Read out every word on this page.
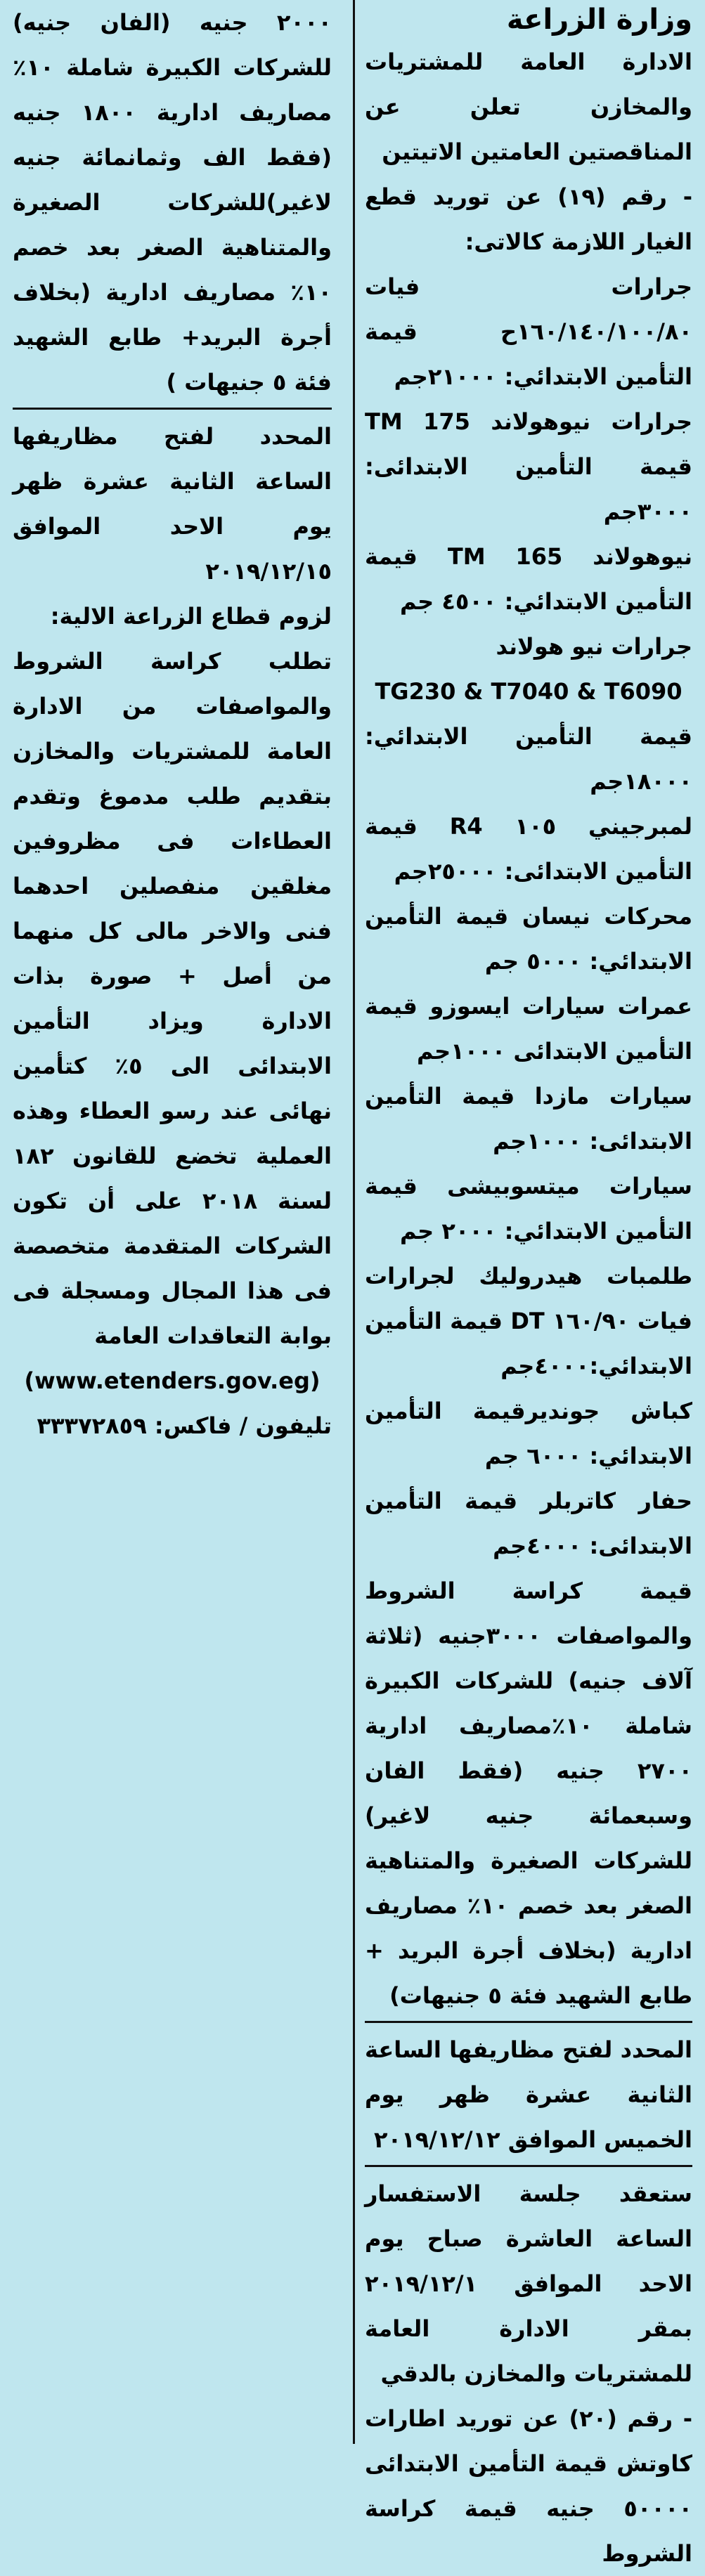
وزارة الزراعة

الادارة العامة للمشتريات والمخازن تعلن عن المناقصتين العامتين الاتيتين

- رقم (١٩) عن توريد قطع الغيار اللازمة كالاتى:

جرارات فيات ١٦٠/١٤٠/١٠٠/٨٠ح قيمة التأمين الابتدائي: ٢١٠٠٠جم

جرارات نيوهولاند TM 175 قيمة التأمين الابتدائى: ٣٠٠٠جم

نيوهولاند TM 165 قيمة التأمين الابتدائي: ٤٥٠٠ جم

جرارات نيو هولاند

TG230 & T7040 & T6090

قيمة التأمين الابتدائي: ١٨٠٠٠جم

لمبرجيني ١٠٥ R4 قيمة التأمين الابتدائى: ٢٥٠٠٠جم

محركات نيسان قيمة التأمين الابتدائي: ٥٠٠٠ جم

عمرات سيارات ايسوزو قيمة التأمين الابتدائى ١٠٠٠جم

سيارات مازدا قيمة التأمين الابتدائى: ١٠٠٠جم

سيارات ميتسوبيشى قيمة التأمين الابتدائي: ٢٠٠٠ جم

طلمبات هيدروليك لجرارات فيات ١٦٠/٩٠ DT قيمة التأمين الابتدائي:٤٠٠٠جم

كباش جونديرقيمة التأمين الابتدائي: ٦٠٠٠ جم

حفار كاتربلر قيمة التأمين الابتدائى: ٤٠٠٠جم

قيمة كراسة الشروط والمواصفات ٣٠٠٠جنيه (ثلاثة آلاف جنيه) للشركات الكبيرة شاملة ١٠٪مصاريف ادارية ٢٧٠٠ جنيه (فقط الفان وسبعمائة جنيه لاغير) للشركات الصغيرة والمتناهية الصغر بعد خصم ١٠٪ مصاريف ادارية (بخلاف أجرة البريد + طابع الشهيد فئة ٥ جنيهات)

المحدد لفتح مظاريفها الساعة الثانية عشرة ظهر يوم الخميس الموافق ٢٠١٩/١٢/١٢

ستعقد جلسة الاستفسار الساعة العاشرة صباح يوم الاحد الموافق ٢٠١٩/١٢/١ بمقر الادارة العامة للمشتريات والمخازن بالدقي

- رقم (٢٠) عن توريد اطارات كاوتش قيمة التأمين الابتدائى ٥٠٠٠٠ جنيه قيمة كراسة الشروط

٢٠٠٠ جنيه (الفان جنيه) للشركات الكبيرة شاملة ١٠٪ مصاريف ادارية ١٨٠٠ جنيه (فقط الف وثمانمائة جنيه لاغير)للشركات الصغيرة والمتناهية الصغر بعد خصم ١٠٪ مصاريف ادارية (بخلاف أجرة البريد+ طابع الشهيد فئة ٥ جنيهات )

المحدد لفتح مظاريفها الساعة الثانية عشرة ظهر يوم الاحد الموافق ٢٠١٩/١٢/١٥

لزوم قطاع الزراعة الالية:

تطلب كراسة الشروط والمواصفات من الادارة العامة للمشتريات والمخازن بتقديم طلب مدموغ وتقدم العطاءات فى مظروفين مغلقين منفصلين احدهما فنى والاخر مالى كل منهما من أصل + صورة بذات الادارة ويزاد التأمين الابتدائى الى ٥٪ كتأمين نهائى عند رسو العطاء وهذه العملية تخضع للقانون ١٨٢ لسنة ٢٠١٨ على أن تكون الشركات المتقدمة متخصصة فى هذا المجال ومسجلة فى بوابة التعاقدات العامة

(www.etenders.gov.eg)

تليفون / فاكس: ٣٣٣٧٢٨٥٩
